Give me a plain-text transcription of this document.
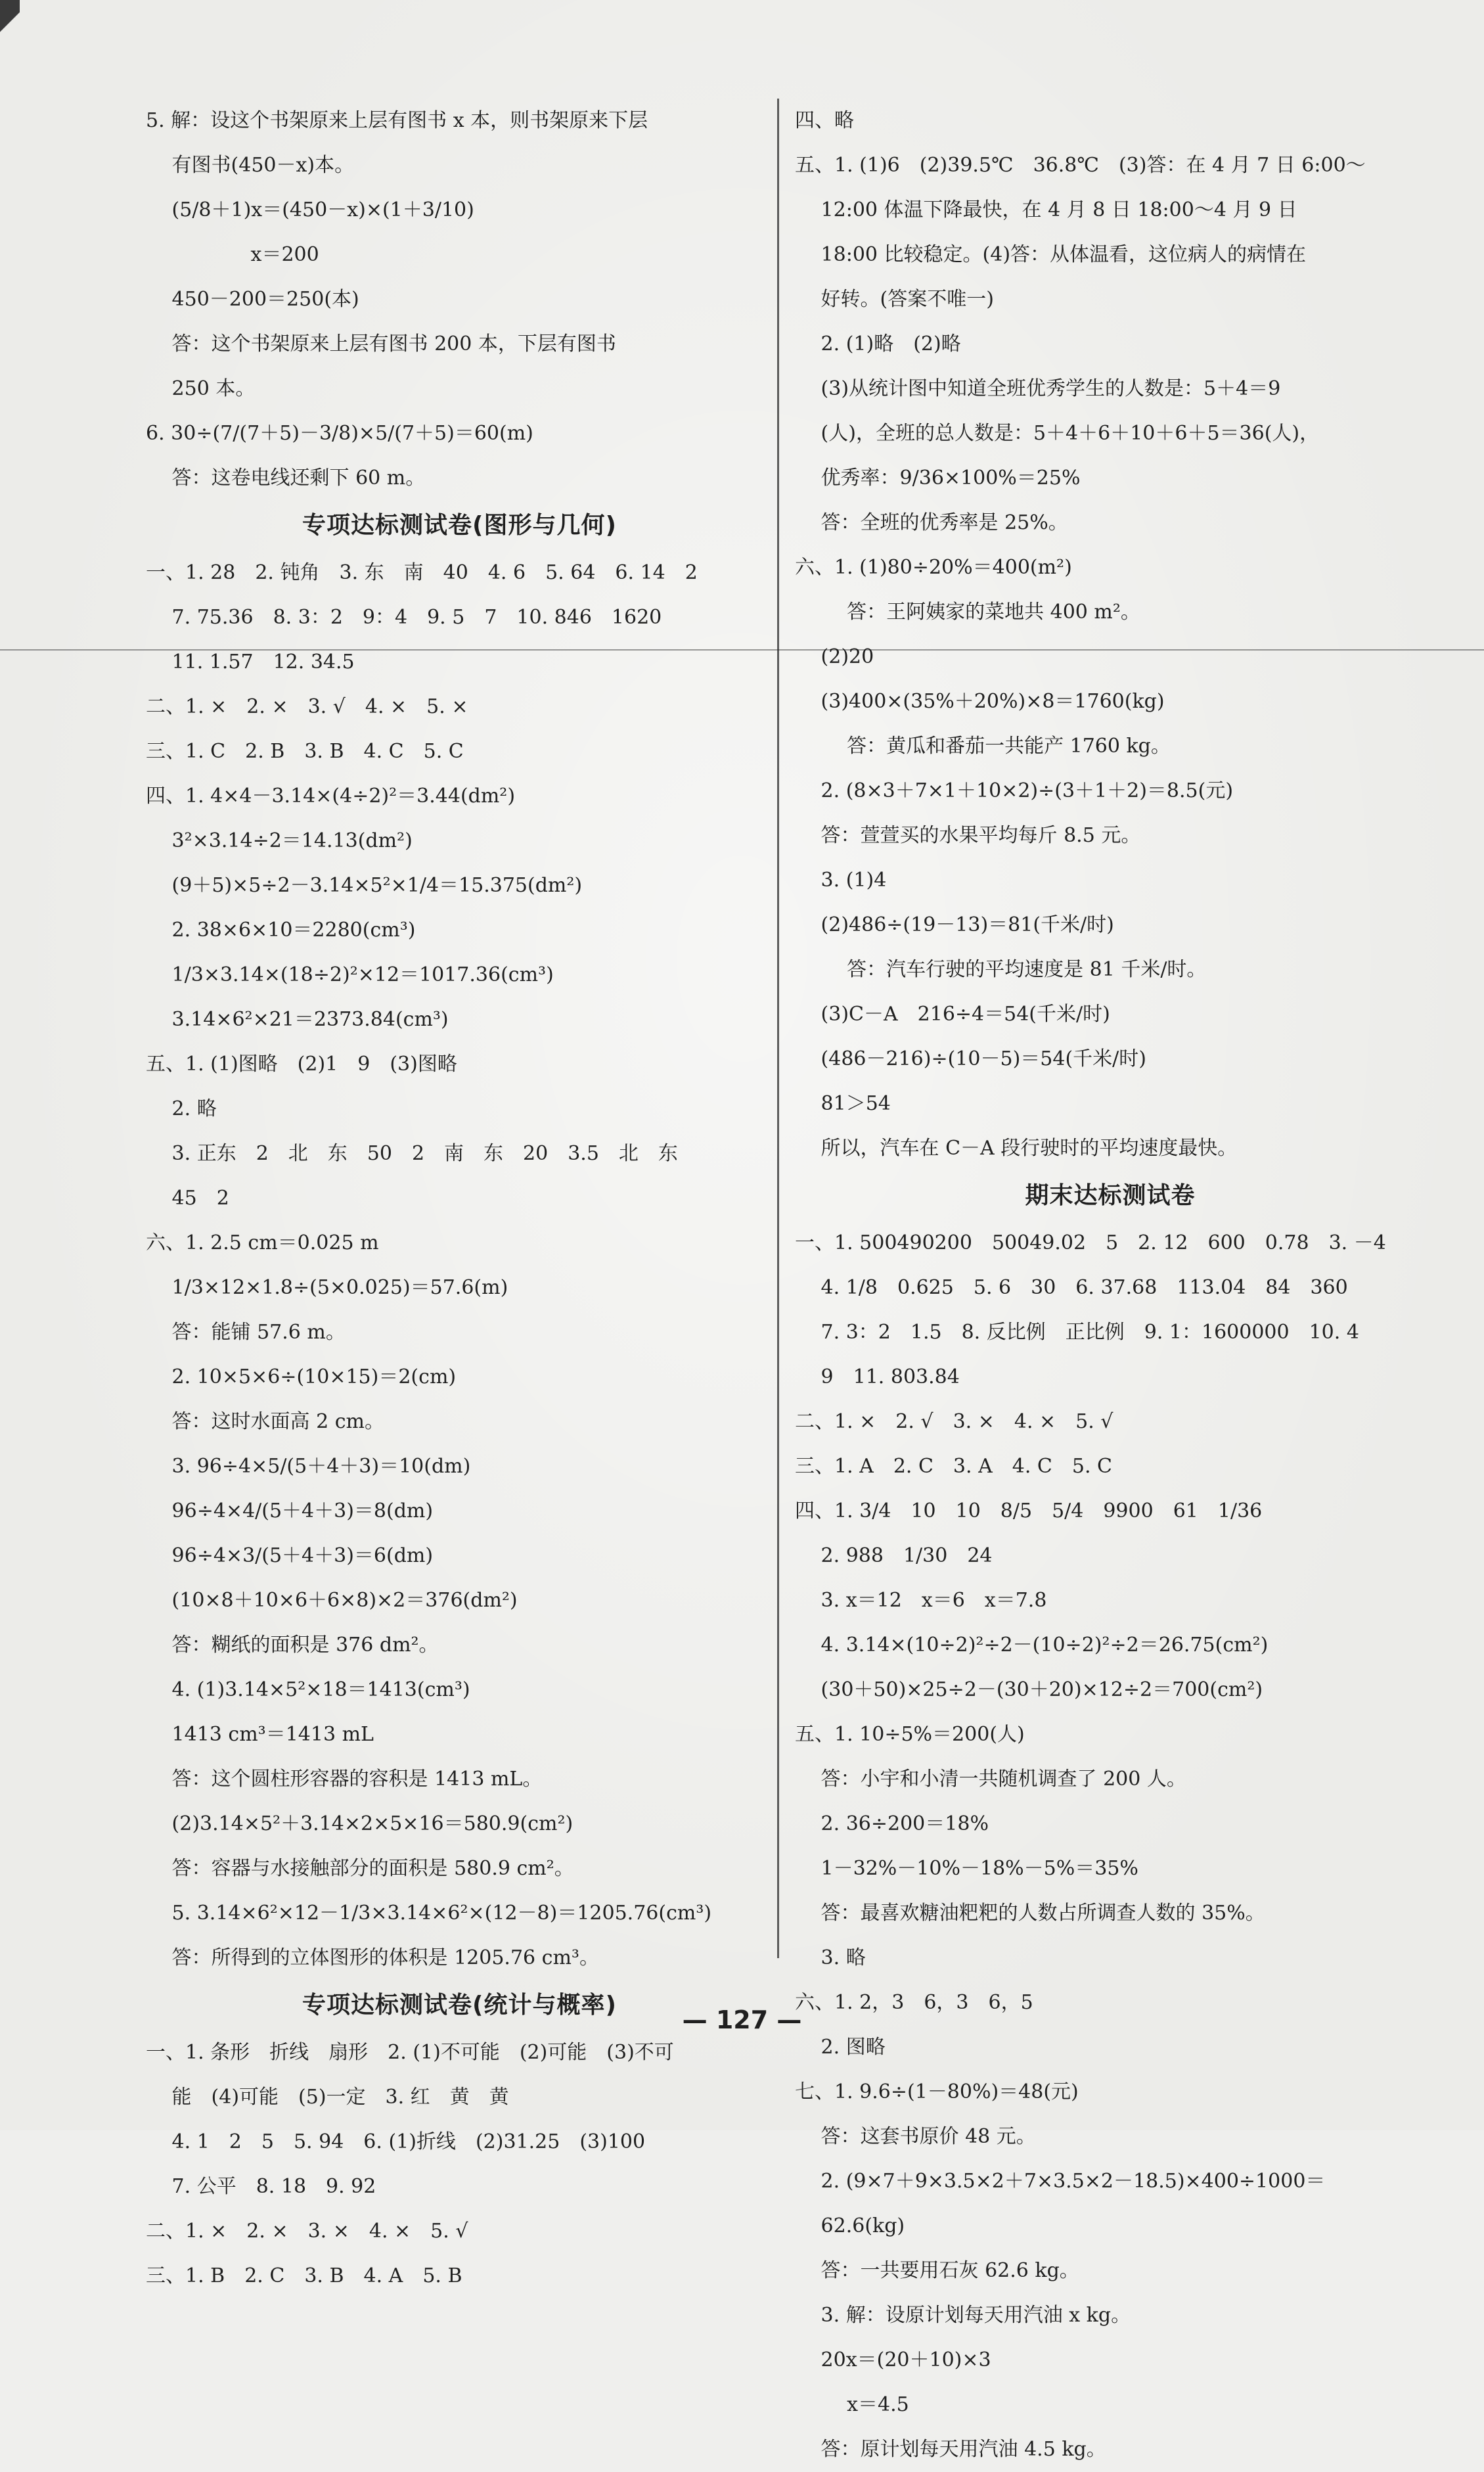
5. 解：设这个书架原来上层有图书 x 本，则书架原来下层
　 有图书(450－x)本。
　 (5/8＋1)x＝(450－x)×(1＋3/10)
　 　　　　x＝200
　 450－200＝250(本)
　 答：这个书架原来上层有图书 200 本，下层有图书
　 250 本。
6. 30÷(7/(7＋5)－3/8)×5/(7＋5)＝60(m)
　 答：这卷电线还剩下 60 m。
专项达标测试卷(图形与几何)
一、1. 28　2. 钝角　3. 东　南　40　4. 6　5. 64　6. 14　2
　 7. 75.36　8. 3：2　9：4　9. 5　7　10. 846　1620
　 11. 1.57　12. 34.5
二、1. ×　2. ×　3. √　4. ×　5. ×
三、1. C　2. B　3. B　4. C　5. C
四、1. 4×4－3.14×(4÷2)²＝3.44(dm²)
　 3²×3.14÷2＝14.13(dm²)
　 (9＋5)×5÷2－3.14×5²×1/4＝15.375(dm²)
　 2. 38×6×10＝2280(cm³)
　 1/3×3.14×(18÷2)²×12＝1017.36(cm³)
　 3.14×6²×21＝2373.84(cm³)
五、1. (1)图略　(2)1　9　(3)图略
　 2. 略
　 3. 正东　2　北　东　50　2　南　东　20　3.5　北　东
　 45　2
六、1. 2.5 cm＝0.025 m
　 1/3×12×1.8÷(5×0.025)＝57.6(m)
　 答：能铺 57.6 m。
　 2. 10×5×6÷(10×15)＝2(cm)
　 答：这时水面高 2 cm。
　 3. 96÷4×5/(5＋4＋3)＝10(dm)
　 96÷4×4/(5＋4＋3)＝8(dm)
　 96÷4×3/(5＋4＋3)＝6(dm)
　 (10×8＋10×6＋6×8)×2＝376(dm²)
　 答：糊纸的面积是 376 dm²。
　 4. (1)3.14×5²×18＝1413(cm³)
　 1413 cm³＝1413 mL
　 答：这个圆柱形容器的容积是 1413 mL。
　 (2)3.14×5²＋3.14×2×5×16＝580.9(cm²)
　 答：容器与水接触部分的面积是 580.9 cm²。
　 5. 3.14×6²×12－1/3×3.14×6²×(12－8)＝1205.76(cm³)
　 答：所得到的立体图形的体积是 1205.76 cm³。
专项达标测试卷(统计与概率)
一、1. 条形　折线　扇形　2. (1)不可能　(2)可能　(3)不可
　 能　(4)可能　(5)一定　3. 红　黄　黄
　 4. 1　2　5　5. 94　6. (1)折线　(2)31.25　(3)100
　 7. 公平　8. 18　9. 92
二、1. ×　2. ×　3. ×　4. ×　5. √
三、1. B　2. C　3. B　4. A　5. B
四、略
五、1. (1)6　(2)39.5℃　36.8℃　(3)答：在 4 月 7 日 6:00～
　 12:00 体温下降最快，在 4 月 8 日 18:00～4 月 9 日
　 18:00 比较稳定。(4)答：从体温看，这位病人的病情在
　 好转。(答案不唯一)
　 2. (1)略　(2)略
　 (3)从统计图中知道全班优秀学生的人数是：5＋4＝9
　 (人)，全班的总人数是：5＋4＋6＋10＋6＋5＝36(人)，
　 优秀率：9/36×100%＝25%
　 答：全班的优秀率是 25%。
六、1. (1)80÷20%＝400(m²)
　 　 答：王阿姨家的菜地共 400 m²。
　 (2)20
　 (3)400×(35%＋20%)×8＝1760(kg)
　 　 答：黄瓜和番茄一共能产 1760 kg。
　 2. (8×3＋7×1＋10×2)÷(3＋1＋2)＝8.5(元)
　 答：萱萱买的水果平均每斤 8.5 元。
　 3. (1)4
　 (2)486÷(19－13)＝81(千米/时)
　 　 答：汽车行驶的平均速度是 81 千米/时。
　 (3)C－A　216÷4＝54(千米/时)
　 (486－216)÷(10－5)＝54(千米/时)
　 81＞54
　 所以，汽车在 C－A 段行驶时的平均速度最快。
期末达标测试卷
一、1. 500490200　50049.02　5　2. 12　600　0.78　3. －4
　 4. 1/8　0.625　5. 6　30　6. 37.68　113.04　84　360
　 7. 3：2　1.5　8. 反比例　正比例　9. 1：1600000　10. 4
　 9　11. 803.84
二、1. ×　2. √　3. ×　4. ×　5. √
三、1. A　2. C　3. A　4. C　5. C
四、1. 3/4　10　10　8/5　5/4　9900　61　1/36
　 2. 988　1/30　24
　 3. x＝12　x＝6　x＝7.8
　 4. 3.14×(10÷2)²÷2－(10÷2)²÷2＝26.75(cm²)
　 (30＋50)×25÷2－(30＋20)×12÷2＝700(cm²)
五、1. 10÷5%＝200(人)
　 答：小宇和小清一共随机调查了 200 人。
　 2. 36÷200＝18%
　 1－32%－10%－18%－5%＝35%
　 答：最喜欢糖油粑粑的人数占所调查人数的 35%。
　 3. 略
六、1. 2，3　6，3　6，5
　 2. 图略
七、1. 9.6÷(1－80%)＝48(元)
　 答：这套书原价 48 元。
　 2. (9×7＋9×3.5×2＋7×3.5×2－18.5)×400÷1000＝
　 62.6(kg)
　 答：一共要用石灰 62.6 kg。
　 3. 解：设原计划每天用汽油 x kg。
　 20x＝(20＋10)×3
　 　 x＝4.5
　 答：原计划每天用汽油 4.5 kg。
— 127 —
